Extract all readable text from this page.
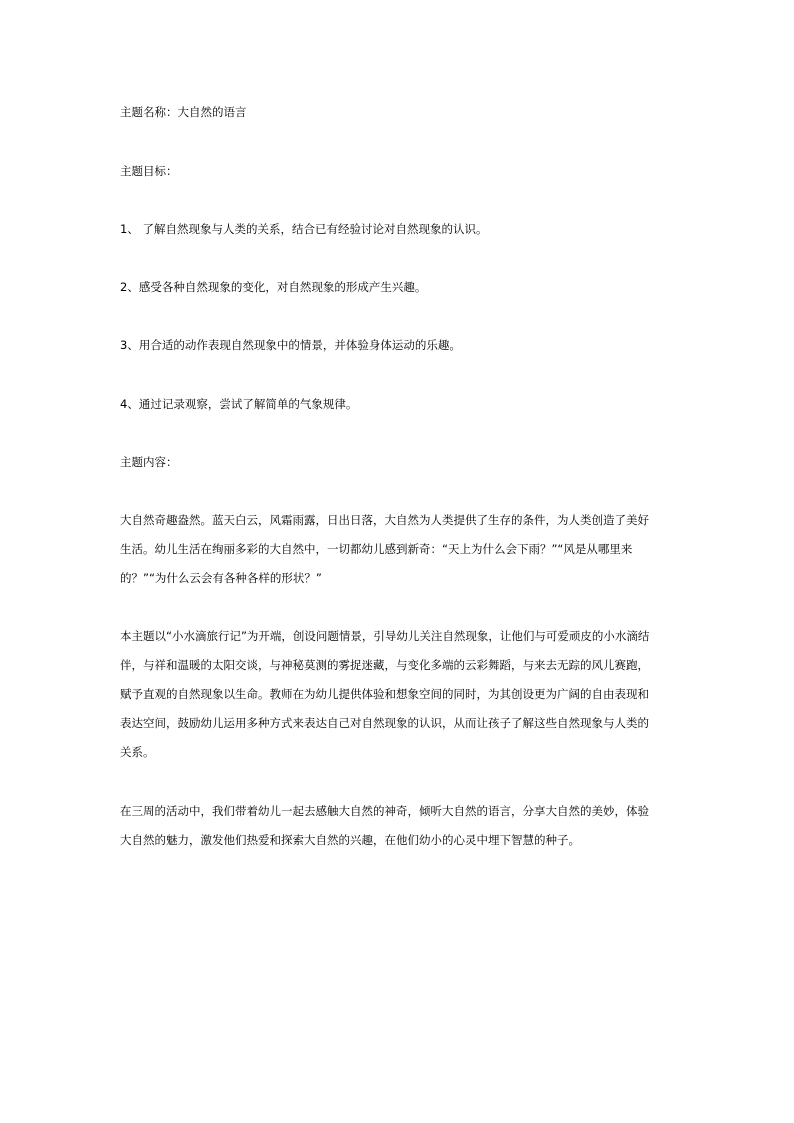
主题名称：大自然的语言
主题目标：
1、 了解自然现象与人类的关系，结合已有经验讨论对自然现象的认识。
2、感受各种自然现象的变化，对自然现象的形成产生兴趣。
3、用合适的动作表现自然现象中的情景，并体验身体运动的乐趣。
4、通过记录观察，尝试了解简单的气象规律。
主题内容：
大自然奇趣盎然。蓝天白云，风霜雨露，日出日落，大自然为人类提供了生存的条件，为人类创造了美好
生活。幼儿生活在绚丽多彩的大自然中，一切都幼儿感到新奇：“天上为什么会下雨？”“风是从哪里来
的？”“为什么云会有各种各样的形状？”
本主题以“小水滴旅行记”为开端，创设问题情景，引导幼儿关注自然现象，让他们与可爱顽皮的小水滴结
伴，与祥和温暖的太阳交谈，与神秘莫测的雾捉迷藏，与变化多端的云彩舞蹈，与来去无踪的风儿赛跑，
赋予直观的自然现象以生命。教师在为幼儿提供体验和想象空间的同时，为其创设更为广阔的自由表现和
表达空间，鼓励幼儿运用多种方式来表达自己对自然现象的认识，从而让孩子了解这些自然现象与人类的
关系。
在三周的活动中，我们带着幼儿一起去感触大自然的神奇，倾听大自然的语言，分享大自然的美妙，体验
大自然的魅力，激发他们热爱和探索大自然的兴趣，在他们幼小的心灵中埋下智慧的种子。
